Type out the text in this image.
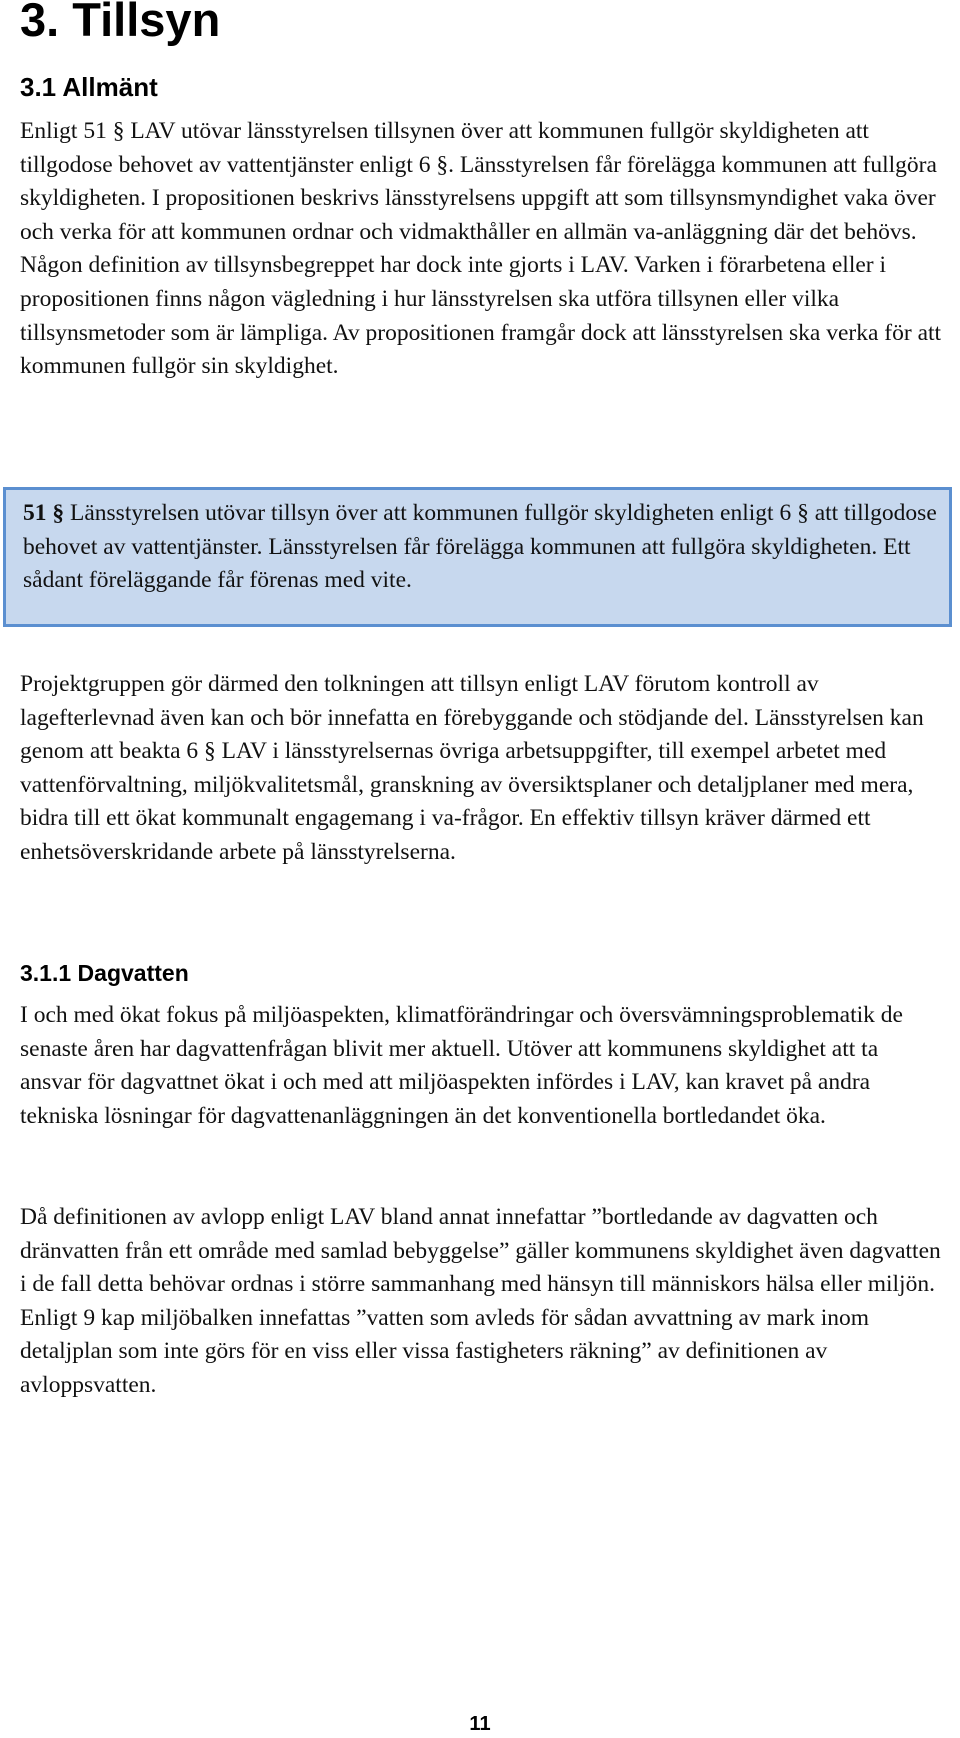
3. Tillsyn
3.1 Allmänt

Enligt 51 § LAV utövar länsstyrelsen tillsynen över att kommunen fullgör skyldigheten att tillgodose behovet av vattentjänster enligt 6 §. Länsstyrelsen får förelägga kommunen att fullgöra skyldigheten. I propositionen beskrivs länsstyrelsens uppgift att som tillsynsmyndighet vaka över och verka för att kommunen ordnar och vidmakthåller en allmän va-anläggning där det behövs. Någon definition av tillsynsbegreppet har dock inte gjorts i LAV. Varken i förarbetena eller i propositionen finns någon vägledning i hur länsstyrelsen ska utföra tillsynen eller vilka tillsynsmetoder som är lämpliga. Av propositionen framgår dock att länsstyrelsen ska verka för att kommunen fullgör sin skyldighet.

51 § Länsstyrelsen utövar tillsyn över att kommunen fullgör skyldigheten enligt 6 § att tillgodose behovet av vattentjänster. Länsstyrelsen får förelägga kommunen att fullgöra skyldigheten. Ett sådant föreläggande får förenas med vite.

Projektgruppen gör därmed den tolkningen att tillsyn enligt LAV förutom kontroll av lagefterlevnad även kan och bör innefatta en förebyggande och stödjande del. Länsstyrelsen kan genom att beakta 6 § LAV i länsstyrelsernas övriga arbetsuppgifter, till exempel arbetet med vattenförvaltning, miljökvalitetsmål, granskning av översiktsplaner och detaljplaner med mera, bidra till ett ökat kommunalt engagemang i va-frågor. En effektiv tillsyn kräver därmed ett enhetsöverskridande arbete på länsstyrelserna.

3.1.1 Dagvatten

I och med ökat fokus på miljöaspekten, klimatförändringar och översvämningsproblematik de senaste åren har dagvattenfrågan blivit mer aktuell. Utöver att kommunens skyldighet att ta ansvar för dagvattnet ökat i och med att miljöaspekten infördes i LAV, kan kravet på andra tekniska lösningar för dagvattenanläggningen än det konventionella bortledandet öka.

Då definitionen av avlopp enligt LAV bland annat innefattar ”bortledande av dagvatten och dränvatten från ett område med samlad bebyggelse” gäller kommunens skyldighet även dagvatten i de fall detta behövar ordnas i större sammanhang med hänsyn till människors hälsa eller miljön. Enligt 9 kap miljöbalken innefattas ”vatten som avleds för sådan avvattning av mark inom detaljplan som inte görs för en viss eller vissa fastigheters räkning” av definitionen av avloppsvatten.

11
